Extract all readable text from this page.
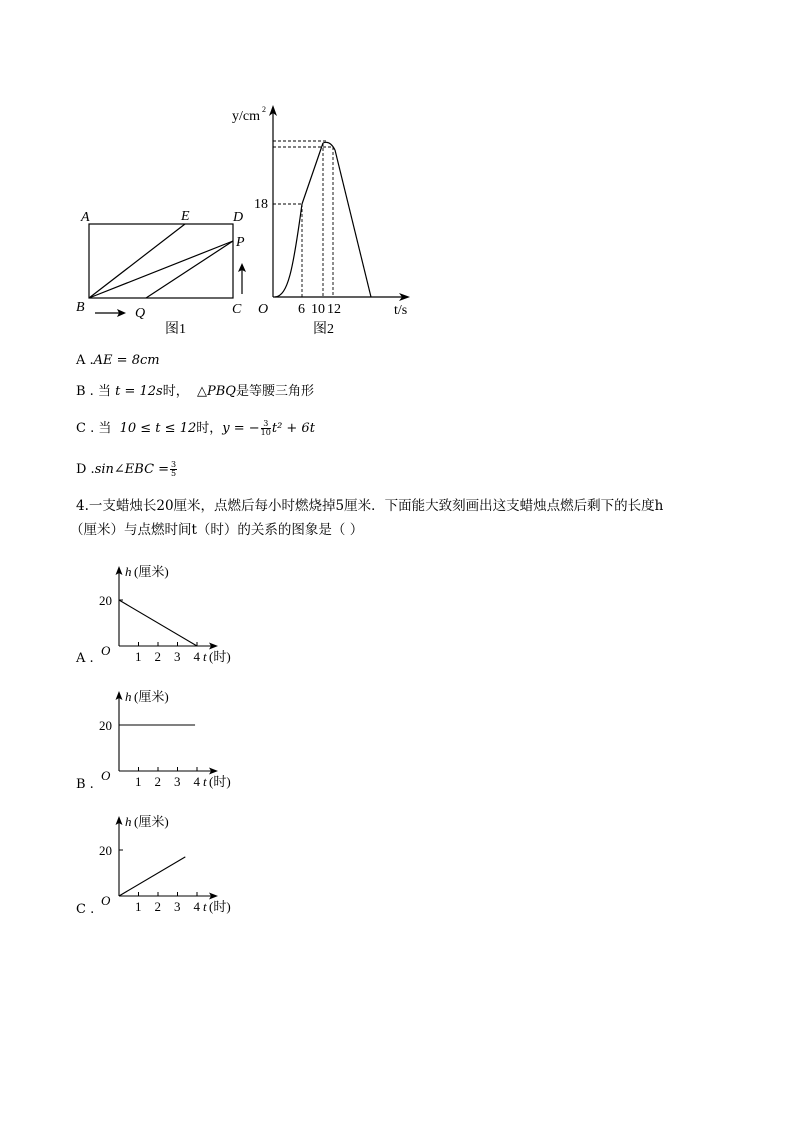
A	E	D
P
B	Q	C
图1
y/cm 2
t/s
O
18
6 10 12
图2
A .AE = 8cm
B . 当 t = 12s时，  △PBQ是等腰三角形
C . 当  10 ≤ t ≤ 12时，y = − $\frac{3}{10} t^2 + 6t$
D .sin∠EBC = $\frac{3}{5}$
4.一支蜡烛长20厘米，点燃后每小时燃烧掉5厘米．下面能大致刻画出这支蜡烛点燃后剩下的长度h
（厘米）与点燃时间t（时）的关系的图象是（ ）
1 2 3 4
20
O
h (厘米)
t (时)
1 2 3 4
20
O
h (厘米)
t (时)
1 2 3 4
20
O
h (厘米)
t (时)
A .
B .
C .
